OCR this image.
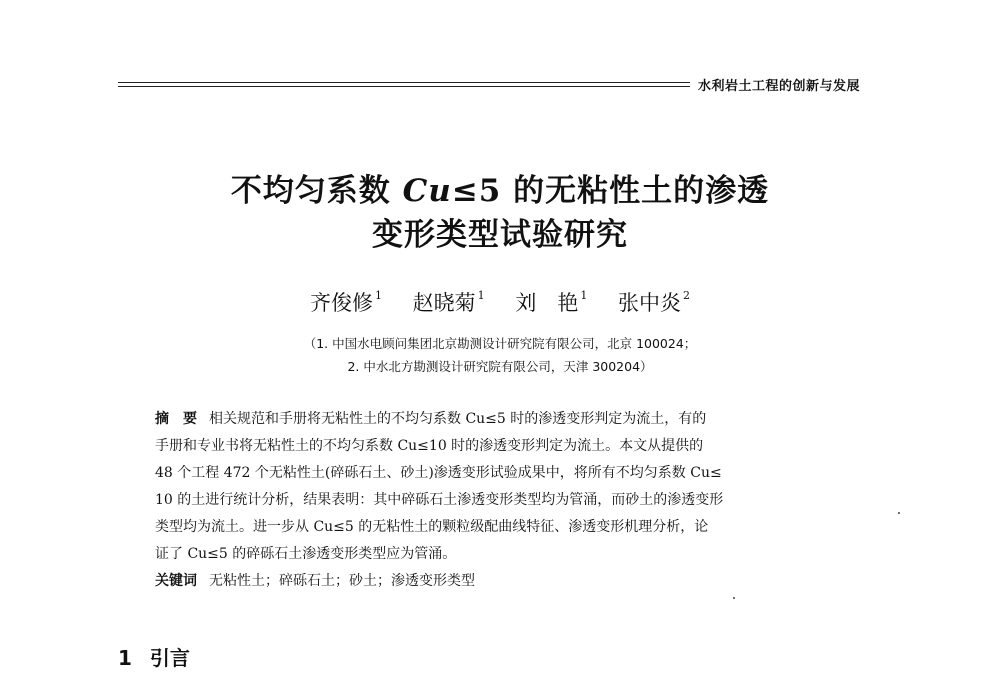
水利岩土工程的创新与发展
不均匀系数 Cu≤5 的无粘性土的渗透
变形类型试验研究
齐俊修 $^1$ 赵晓菊 $^1$ 刘　艳 $^1$ 张中炎 $^2$
（1. 中国水电顾问集团北京勘测设计研究院有限公司，北京 100024；
2. 中水北方勘测设计研究院有限公司，天津 300204）
摘　要 相关规范和手册将无粘性土的不均匀系数 Cu≤5 时的渗透变形判定为流土，有的
手册和专业书将无粘性土的不均匀系数 Cu≤10 时的渗透变形判定为流土。本文从提供的
48 个工程 472 个无粘性土(碎砾石土、砂土)渗透变形试验成果中，将所有不均匀系数 Cu≤
10 的土进行统计分析，结果表明：其中碎砾石土渗透变形类型均为管涌，而砂土的渗透变形
类型均为流土。进一步从 Cu≤5 的无粘性土的颗粒级配曲线特征、渗透变形机理分析，论
证了 Cu≤5 的碎砾石土渗透变形类型应为管涌。
关键词 无粘性土；碎砾石土；砂土；渗透变形类型
1 引言
